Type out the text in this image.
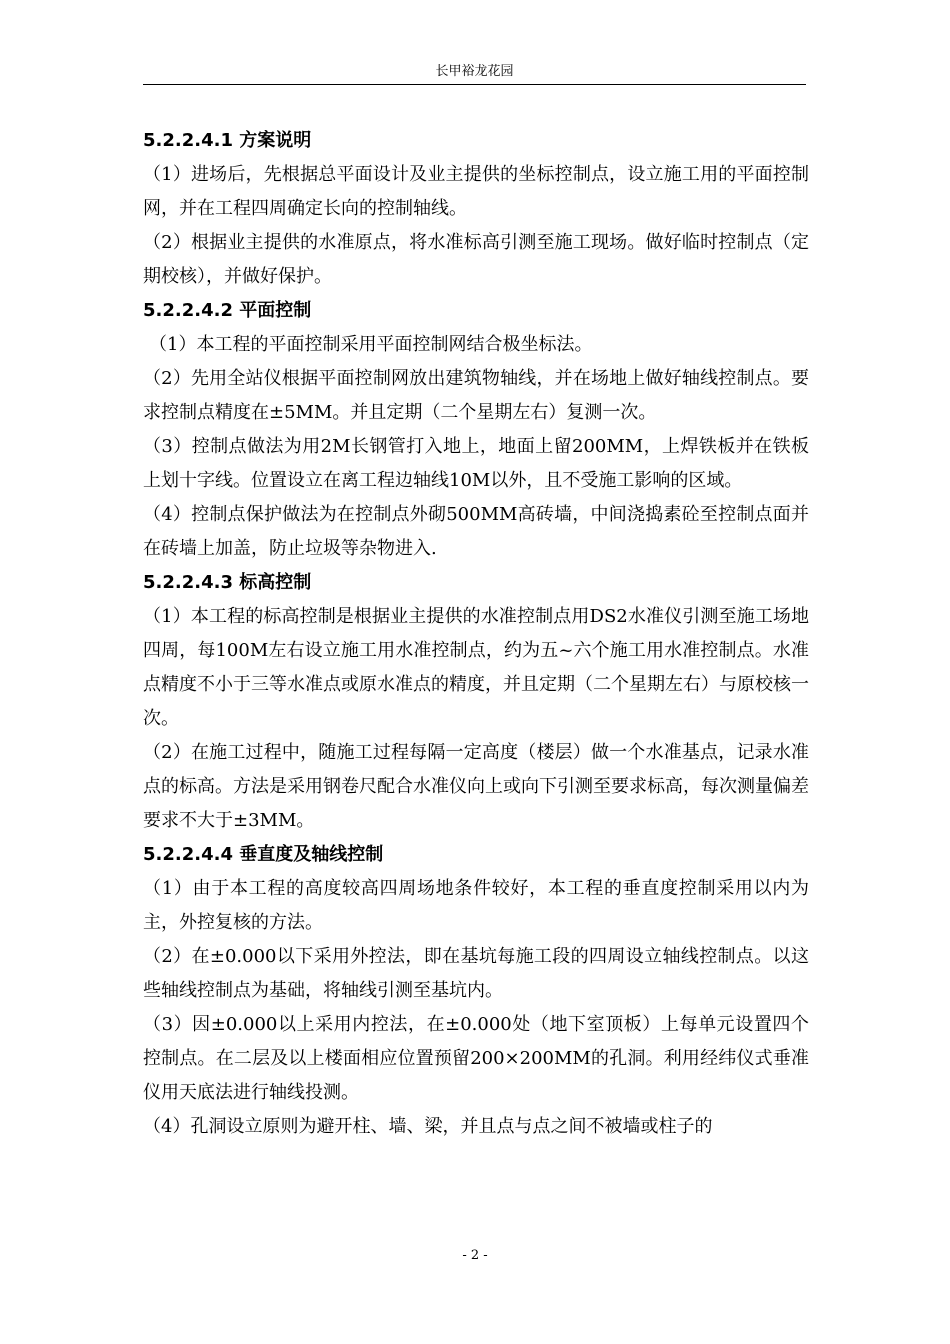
长甲裕龙花园
5.2.2.4.1 方案说明
（1）进场后，先根据总平面设计及业主提供的坐标控制点，设立施工用的平面控制网，并在工程四周确定长向的控制轴线。
（2）根据业主提供的水准原点，将水准标高引测至施工现场。做好临时控制点（定期校核），并做好保护。
5.2.2.4.2 平面控制
（1）本工程的平面控制采用平面控制网结合极坐标法。
（2）先用全站仪根据平面控制网放出建筑物轴线，并在场地上做好轴线控制点。要求控制点精度在±5MM。并且定期（二个星期左右）复测一次。
（3）控制点做法为用2M长钢管打入地上，地面上留200MM，上焊铁板并在铁板上划十字线。位置设立在离工程边轴线10M以外，且不受施工影响的区域。
（4）控制点保护做法为在控制点外砌500MM高砖墙，中间浇捣素砼至控制点面并在砖墙上加盖，防止垃圾等杂物进入.
5.2.2.4.3 标高控制
（1）本工程的标高控制是根据业主提供的水准控制点用DS2水准仪引测至施工场地四周，每100M左右设立施工用水准控制点，约为五~六个施工用水准控制点。水准点精度不小于三等水准点或原水准点的精度，并且定期（二个星期左右）与原校核一次。
（2）在施工过程中，随施工过程每隔一定高度（楼层）做一个水准基点，记录水准点的标高。方法是采用钢卷尺配合水准仪向上或向下引测至要求标高，每次测量偏差要求不大于±3MM。
5.2.2.4.4 垂直度及轴线控制
（1）由于本工程的高度较高四周场地条件较好，本工程的垂直度控制采用以内为主，外控复核的方法。
（2）在±0.000以下采用外控法，即在基坑每施工段的四周设立轴线控制点。以这些轴线控制点为基础，将轴线引测至基坑内。
（3）因±0.000以上采用内控法，在±0.000处（地下室顶板）上每单元设置四个控制点。在二层及以上楼面相应位置预留200×200MM的孔洞。利用经纬仪式垂准仪用天底法进行轴线投测。
（4）孔洞设立原则为避开柱、墙、梁，并且点与点之间不被墙或柱子的
- 2 -
